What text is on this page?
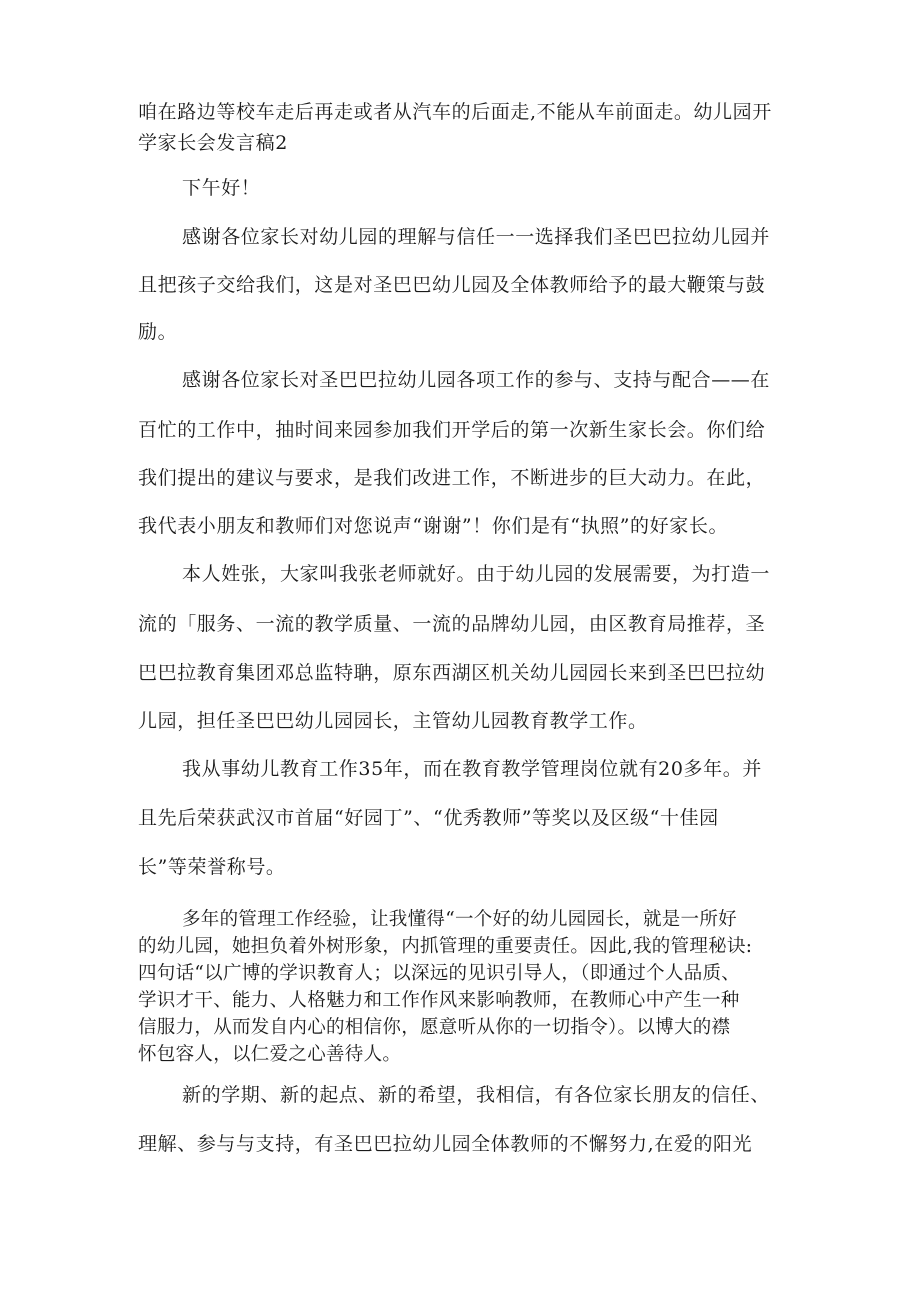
咱在路边等校车走后再走或者从汽车的后面走,不能从车前面走。幼儿园开
学家长会发言稿2
下午好！
感谢各位家长对幼儿园的理解与信任一一选择我们圣巴巴拉幼儿园并
且把孩子交给我们，这是对圣巴巴幼儿园及全体教师给予的最大鞭策与鼓
励。
感谢各位家长对圣巴巴拉幼儿园各项工作的参与、支持与配合——在
百忙的工作中，抽时间来园参加我们开学后的第一次新生家长会。你们给
我们提出的建议与要求，是我们改进工作，不断进步的巨大动力。在此，
我代表小朋友和教师们对您说声“谢谢”！你们是有“执照”的好家长。
本人姓张，大家叫我张老师就好。由于幼儿园的发展需要，为打造一
流的「服务、一流的教学质量、一流的品牌幼儿园，由区教育局推荐，圣
巴巴拉教育集团邓总监特聃，原东西湖区机关幼儿园园长来到圣巴巴拉幼
儿园，担任圣巴巴幼儿园园长，主管幼儿园教育教学工作。
我从事幼儿教育工作35年，而在教育教学管理岗位就有20多年。并
且先后荣获武汉市首届“好园丁”、“优秀教师”等奖以及区级“十佳园
长”等荣誉称号。
多年的管理工作经验，让我懂得“一个好的幼儿园园长，就是一所好
的幼儿园，她担负着外树形象，内抓管理的重要责任。因此,我的管理秘诀:
四句话“以广博的学识教育人；以深远的见识引导人，（即通过个人品质、
学识才干、能力、人格魅力和工作作风来影响教师，在教师心中产生一种
信服力，从而发自内心的相信你，愿意听从你的一切指令）。以博大的襟
怀包容人，以仁爱之心善待人。
新的学期、新的起点、新的希望，我相信，有各位家长朋友的信任、
理解、参与与支持，有圣巴巴拉幼儿园全体教师的不懈努力,在爱的阳光
